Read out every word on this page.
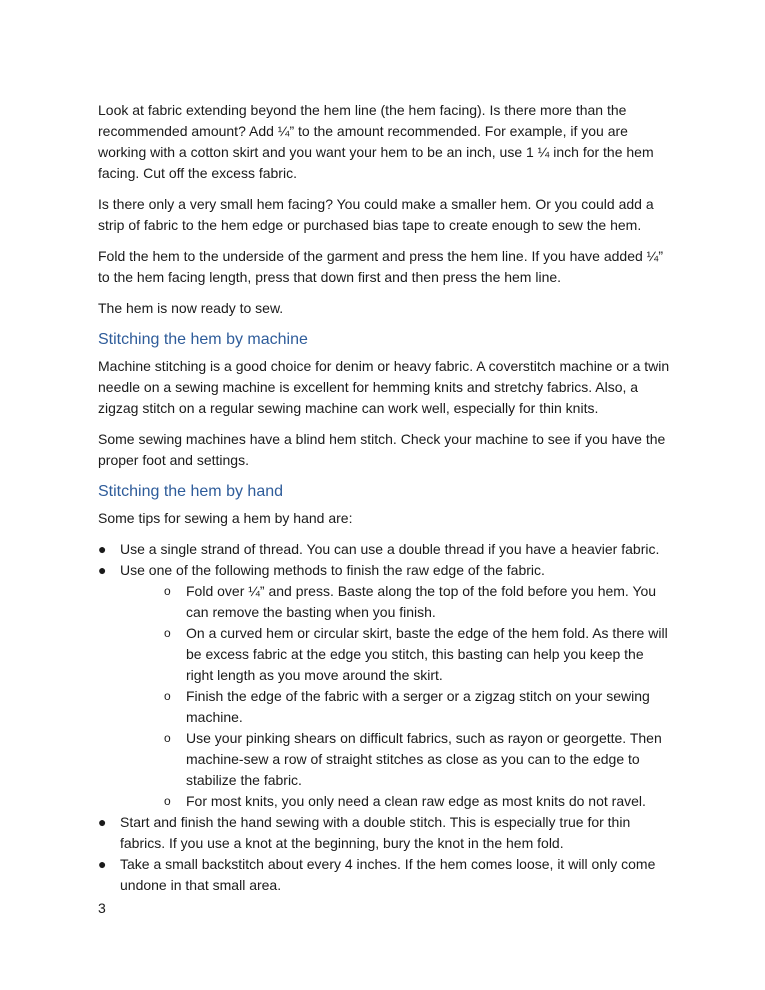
Look at fabric extending beyond the hem line (the hem facing). Is there more than the recommended amount? Add ¼” to the amount recommended. For example, if you are working with a cotton skirt and you want your hem to be an inch, use 1 ¼ inch for the hem facing. Cut off the excess fabric.

Is there only a very small hem facing? You could make a smaller hem. Or you could add a strip of fabric to the hem edge or purchased bias tape to create enough to sew the hem.

Fold the hem to the underside of the garment and press the hem line. If you have added ¼” to the hem facing length, press that down first and then press the hem line.

The hem is now ready to sew.

Stitching the hem by machine

Machine stitching is a good choice for denim or heavy fabric. A coverstitch machine or a twin needle on a sewing machine is excellent for hemming knits and stretchy fabrics. Also, a zigzag stitch on a regular sewing machine can work well, especially for thin knits.

Some sewing machines have a blind hem stitch. Check your machine to see if you have the proper foot and settings.

Stitching the hem by hand

Some tips for sewing a hem by hand are:

● Use a single strand of thread. You can use a double thread if you have a heavier fabric.
● Use one of the following methods to finish the raw edge of the fabric.
o Fold over ¼” and press. Baste along the top of the fold before you hem. You can remove the basting when you finish.
o On a curved hem or circular skirt, baste the edge of the hem fold. As there will be excess fabric at the edge you stitch, this basting can help you keep the right length as you move around the skirt.
o Finish the edge of the fabric with a serger or a zigzag stitch on your sewing machine.
o Use your pinking shears on difficult fabrics, such as rayon or georgette. Then machine-sew a row of straight stitches as close as you can to the edge to stabilize the fabric.
o For most knits, you only need a clean raw edge as most knits do not ravel.
● Start and finish the hand sewing with a double stitch. This is especially true for thin fabrics. If you use a knot at the beginning, bury the knot in the hem fold.
● Take a small backstitch about every 4 inches. If the hem comes loose, it will only come undone in that small area.
3
